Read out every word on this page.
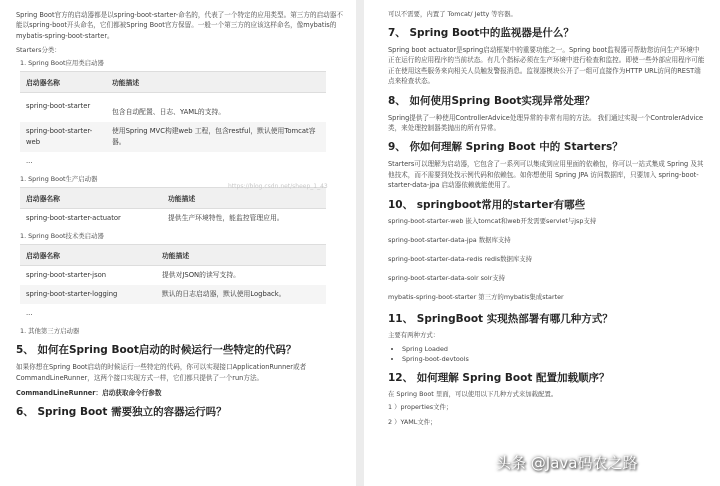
Spring Boot官方的启动器都是以spring-boot-starter-命名的，代表了一个特定的应用类型。第三方的启动器不能以spring-boot开头命名，它们都被Spring Boot官方保留。一般一个第三方的应该这样命名，像mybatis的mybatis-spring-boot-starter。

Starters分类：

1. Spring Boot应用类启动器

启动器名称	功能描述
spring-boot-starter	包含自动配置、日志、YAML的支持。
spring-boot-starter-web	使用Spring MVC构建web 工程，包含restful，默认使用Tomcat容器。
...	
https://blog.csdn.net/sheep_1_43

1. Spring Boot生产启动器

启动器名称	功能描述
spring-boot-starter-actuator	提供生产环境特性，能监控管理应用。

1. Spring Boot技术类启动器

启动器名称	功能描述
spring-boot-starter-json	提供对JSON的读写支持。
spring-boot-starter-logging	默认的日志启动器，默认使用Logback。
...	

1. 其他第三方启动器

5、 如何在Spring Boot启动的时候运行一些特定的代码？

如果你想在Spring Boot启动的时候运行一些特定的代码，你可以实现接口ApplicationRunner或者CommandLineRunner，这两个接口实现方式一样，它们都只提供了一个run方法。

CommandLineRunner：启动获取命令行参数

6、 Spring Boot 需要独立的容器运行吗？

可以不需要，内置了 Tomcat/ Jetty 等容器。

7、 Spring Boot中的监视器是什么？

Spring boot actuator是spring启动框架中的重要功能之一。Spring boot监视器可帮助您访问生产环境中正在运行的应用程序的当前状态。有几个指标必须在生产环境中进行检查和监控。即使一些外部应用程序可能正在使用这些服务来向相关人员触发警报消息。监视器模块公开了一组可直接作为HTTP URL访问的REST端点来检查状态。

8、 如何使用Spring Boot实现异常处理？

Spring提供了一种使用ControllerAdvice处理异常的非常有用的方法。 我们通过实现一个ControlerAdvice类，来处理控制器类抛出的所有异常。

9、 你如何理解 Spring Boot 中的 Starters？

Starters可以理解为启动器，它包含了一系列可以集成到应用里面的依赖包，你可以一站式集成 Spring 及其他技术，而不需要到处找示例代码和依赖包。如你想使用 Spring JPA 访问数据库，只要加入 spring-boot-starter-data-jpa 启动器依赖就能使用了。

10、 springboot常用的starter有哪些

spring-boot-starter-web 嵌入tomcat和web开发需要servlet与jsp支持

spring-boot-starter-data-jpa 数据库支持

spring-boot-starter-data-redis redis数据库支持

spring-boot-starter-data-solr solr支持

mybatis-spring-boot-starter 第三方的mybatis集成starter

11、 SpringBoot 实现热部署有哪几种方式？

主要有两种方式：

• Spring Loaded
• Spring-boot-devtools
12、 如何理解 Spring Boot 配置加载顺序？

在 Spring Boot 里面，可以使用以下几种方式来加载配置。

1 ）properties文件；

2 ）YAML文件；

头条 @Java码农之路
